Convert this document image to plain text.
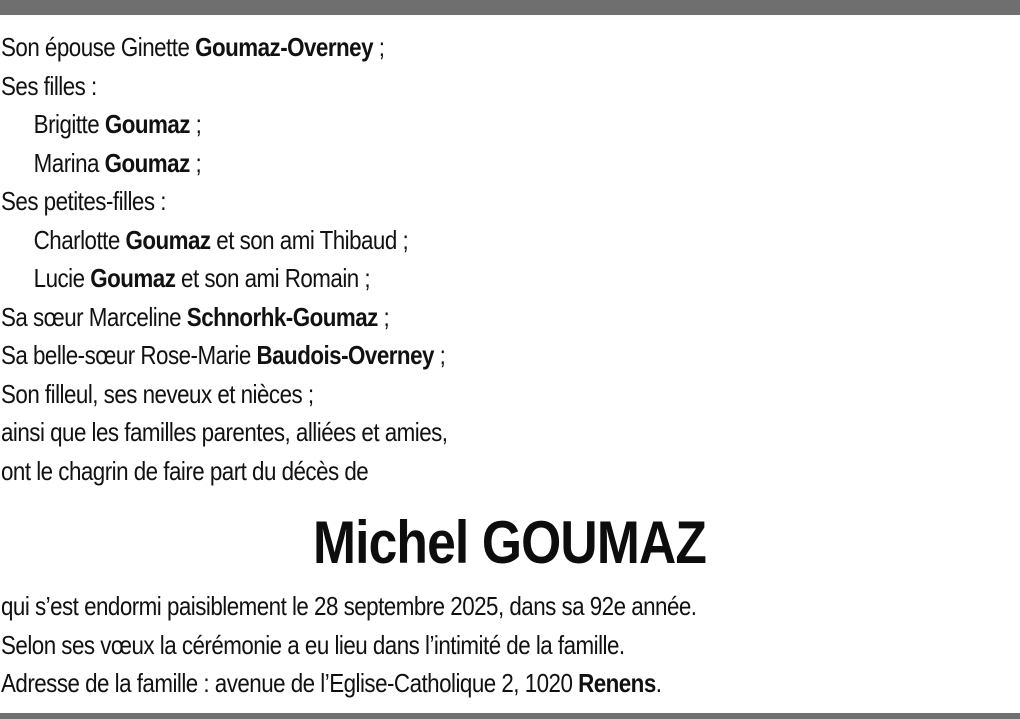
Son épouse Ginette Goumaz-Overney ;
Ses filles :
Brigitte Goumaz ;
Marina Goumaz ;
Ses petites-filles :
Charlotte Goumaz et son ami Thibaud ;
Lucie Goumaz et son ami Romain ;
Sa sœur Marceline Schnorhk-Goumaz ;
Sa belle-sœur Rose-Marie Baudois-Overney ;
Son filleul, ses neveux et nièces ;
ainsi que les familles parentes, alliées et amies,
ont le chagrin de faire part du décès de
Michel GOUMAZ
qui s’est endormi paisiblement le 28 septembre 2025, dans sa 92e année.
Selon ses vœux la cérémonie a eu lieu dans l’intimité de la famille.
Adresse de la famille : avenue de l’Eglise-Catholique 2, 1020 Renens.
